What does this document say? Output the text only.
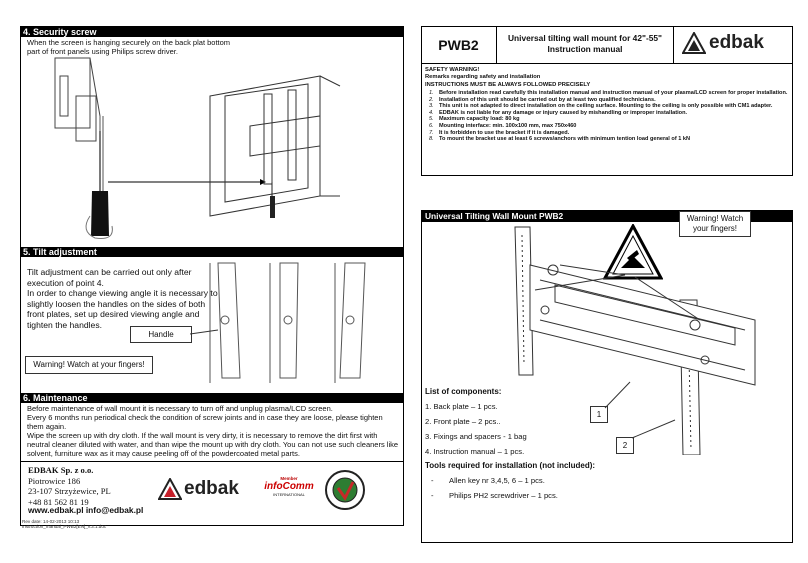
4. Security screw
When the screen is hanging securely on the back plat bottom part of front panels using Philips screw driver.
5. Tilt adjustment
Tilt adjustment can be carried out only after execution of point 4.
In order to change viewing angle it is necessary to slightly loosen the handles on the sides of both front plates, set up desired viewing angle and tighten the handles.
Handle
Warning! Watch at your fingers!
6. Maintenance
Before maintenance of wall mount it is necessary to turn off and unplug plasma/LCD screen.
Every 6 months run periodical check the condition of screw joints and in case they are loose, please tighten them again.
Wipe the screen up with dry cloth. If the wall mount is very dirty, it is necessary to remove the dirt first with neutral cleaner diluted with water, and than wipe the mount up with dry cloth. You can not use such cleaners like solvent, furniture wax as it may cause peeling off of the powdercoated metal parts.
EDBAK Sp. z o.o.
Piotrowice 186
23-107 Strzyżewice, PL
+48 81 562 81 19
www.edbak.pl info@edbak.pl
edbak	Member
infoComm
INTERNATIONAL
Rev date: 14-02-2013 10:13
Instruction_manual_PWB2[EN]_v.3.1.doc
PWB2	Universal tilting wall mount for 42"-55"
Instruction manual	edbak
SAFETY WARNING!
Remarks regarding safety and installation
INSTRUCTIONS MUST BE ALWAYS FOLLOWED PRECISELY
1. Before installation read carefully this installation manual and instruction manual of your plasma/LCD screen for proper installation.
2. Installation of this unit should be carried out by at least two qualified technicians.
3. This unit is not adapted to direct installation on the ceiling surface. Mounting to the ceiling is only possible with CM1 adapter.
4. EDBAK is not liable for any damage or injury caused by mishandling or improper installation.
5. Maximum capacity load: 80 kg
6. Mounting interface: min. 100x100 mm, max 750x460
7. It is forbidden to use the bracket if it is damaged.
8. To mount the bracket use at least 6 screws/anchors with minimum tention load general of 1 kN
Universal Tilting Wall Mount PWB2	Warning! Watch your fingers!
1
2
List of components:
1. Back plate – 1 pcs.
2. Front plate – 2 pcs..
3. Fixings and spacers - 1 bag
4. Instruction manual – 1 pcs.
Tools required for installation (not included):
- Allen key nr 3,4,5, 6 – 1 pcs.
- Philips PH2 screwdriver – 1 pcs.
